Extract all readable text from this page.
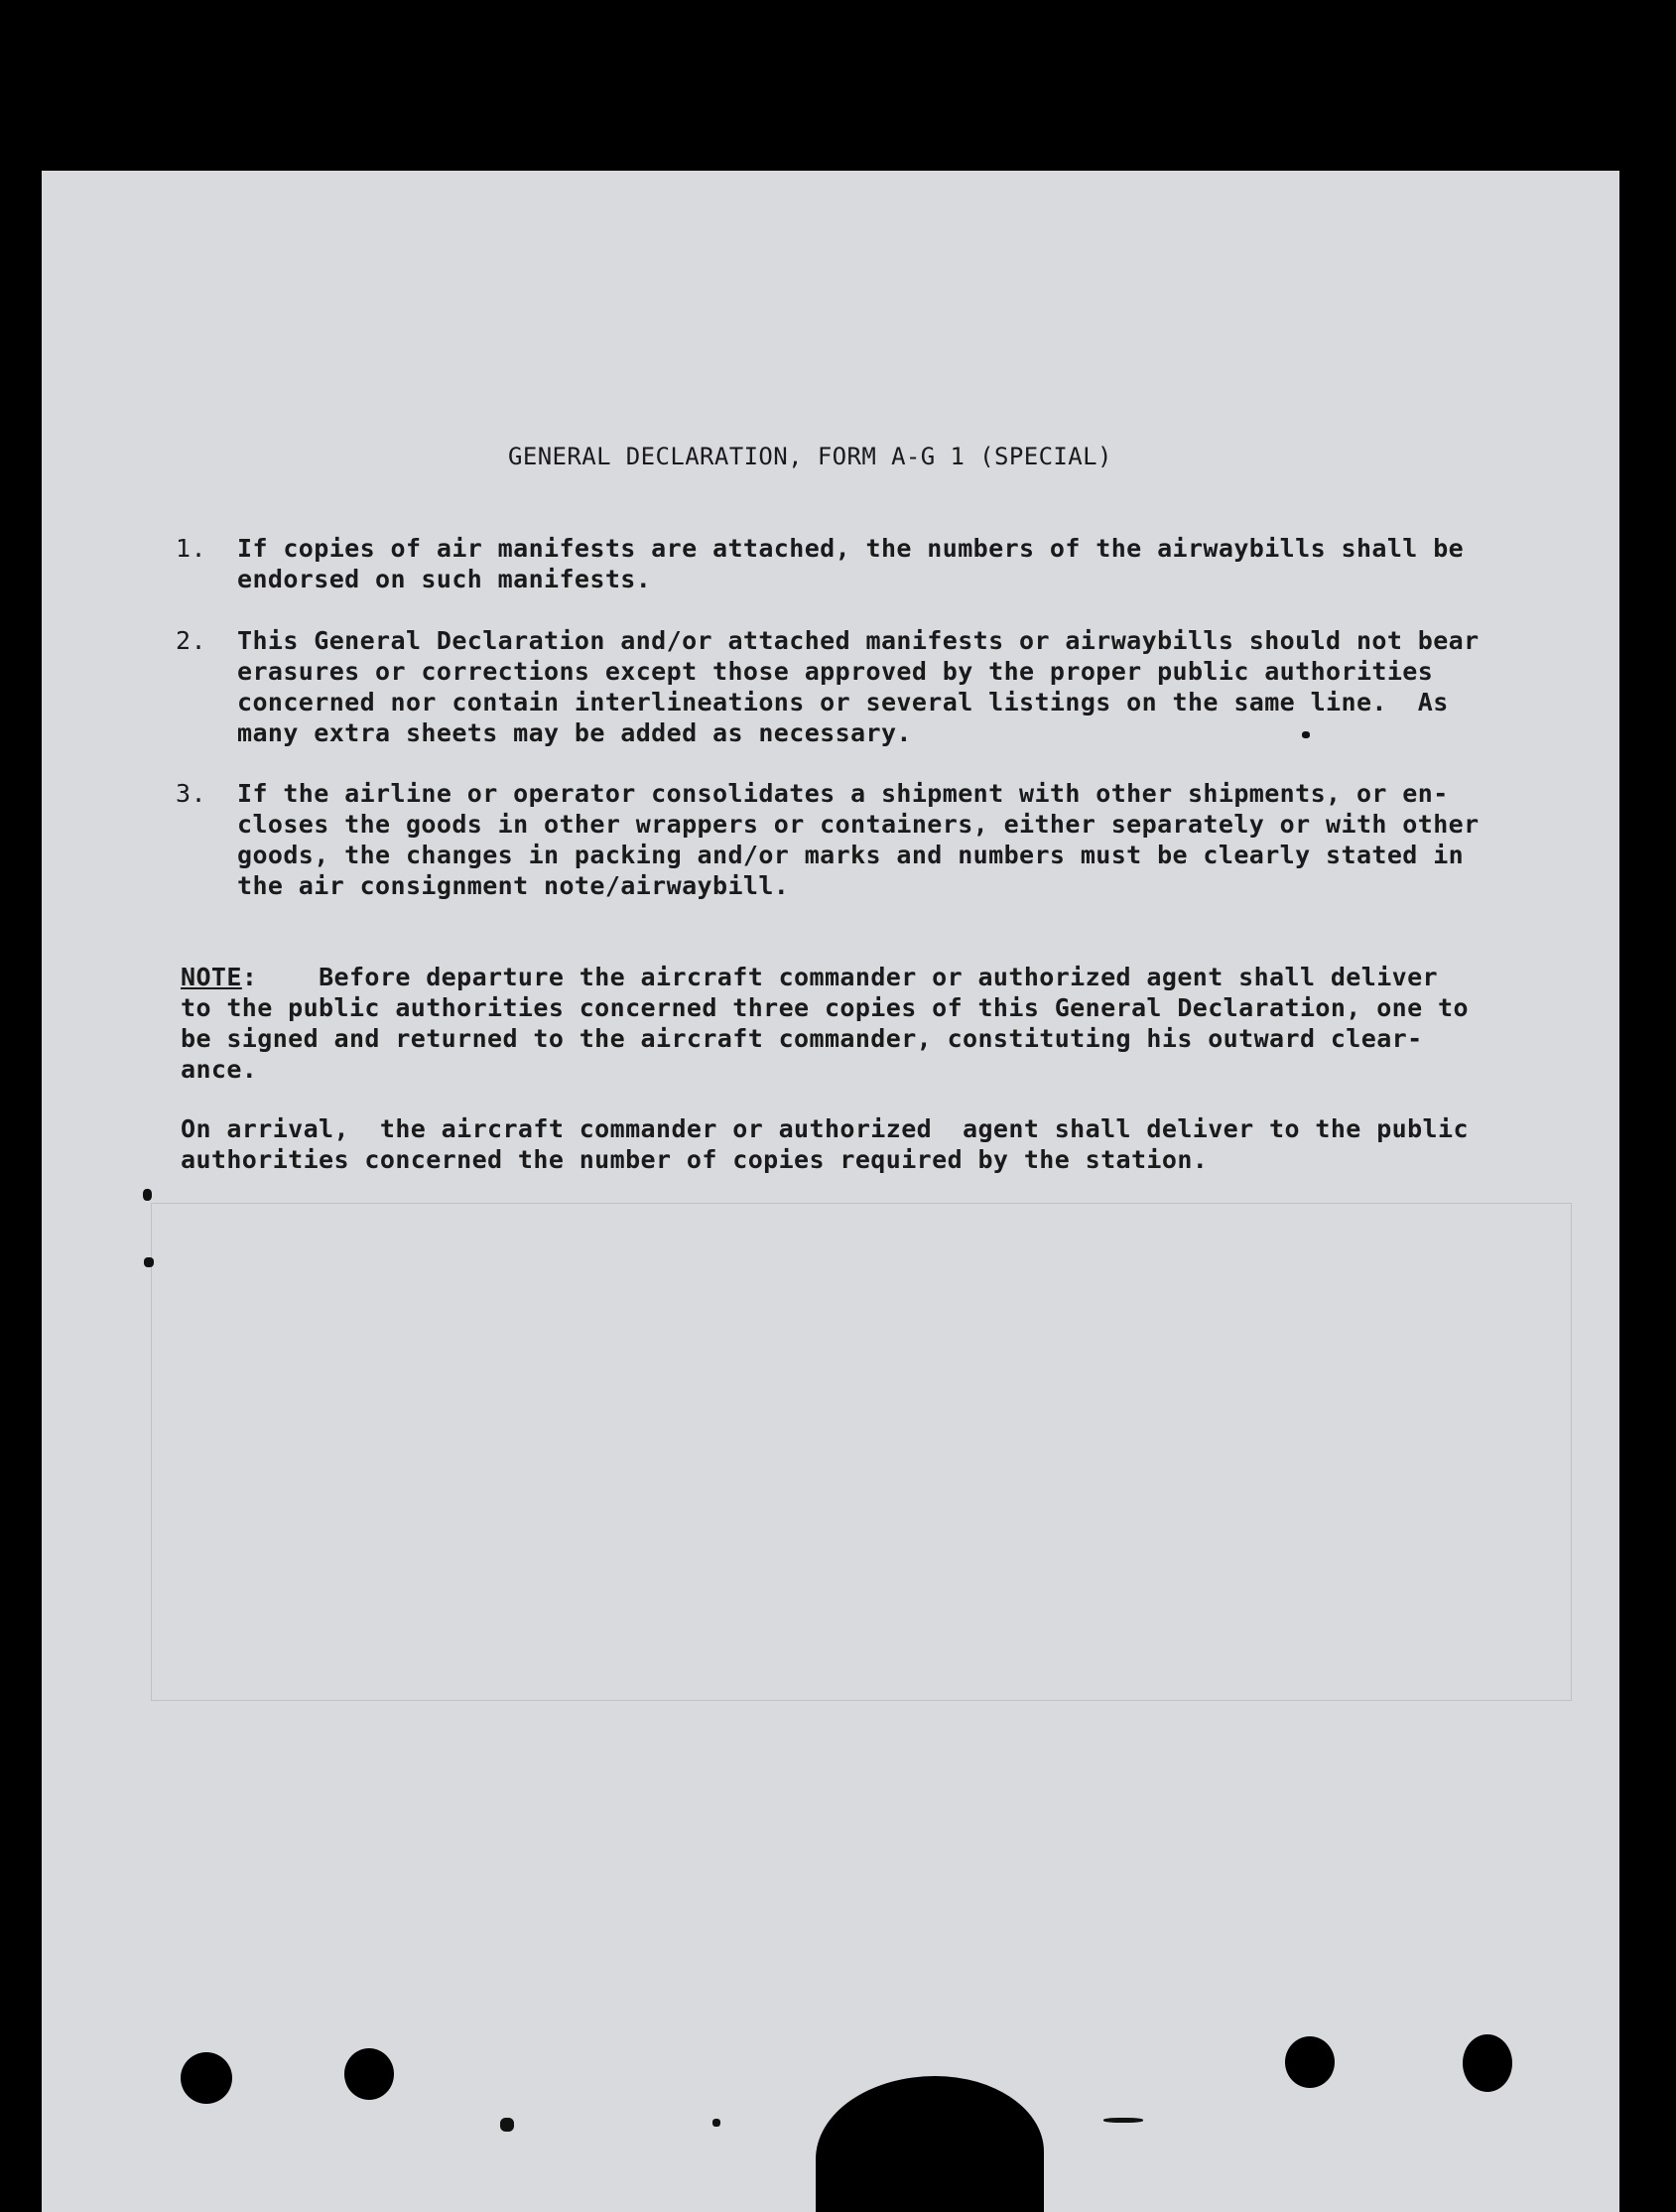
GENERAL DECLARATION, FORM A-G 1 (SPECIAL)
1.	If copies of air manifests are attached, the numbers of the airwaybills shall be
endorsed on such manifests.
2.	This General Declaration and/or attached manifests or airwaybills should not bear
erasures or corrections except those approved by the proper public authorities
concerned nor contain interlineations or several listings on the same line.  As
many extra sheets may be added as necessary.
3.	If the airline or operator consolidates a shipment with other shipments, or en-
closes the goods in other wrappers or containers, either separately or with other
goods, the changes in packing and/or marks and numbers must be clearly stated in
the air consignment note/airwaybill.
NOTE:    Before departure the aircraft commander or authorized agent shall deliver
to the public authorities concerned three copies of this General Declaration, one to
be signed and returned to the aircraft commander, constituting his outward clear-
ance.
On arrival,  the aircraft commander or authorized  agent shall deliver to the public
authorities concerned the number of copies required by the station.
